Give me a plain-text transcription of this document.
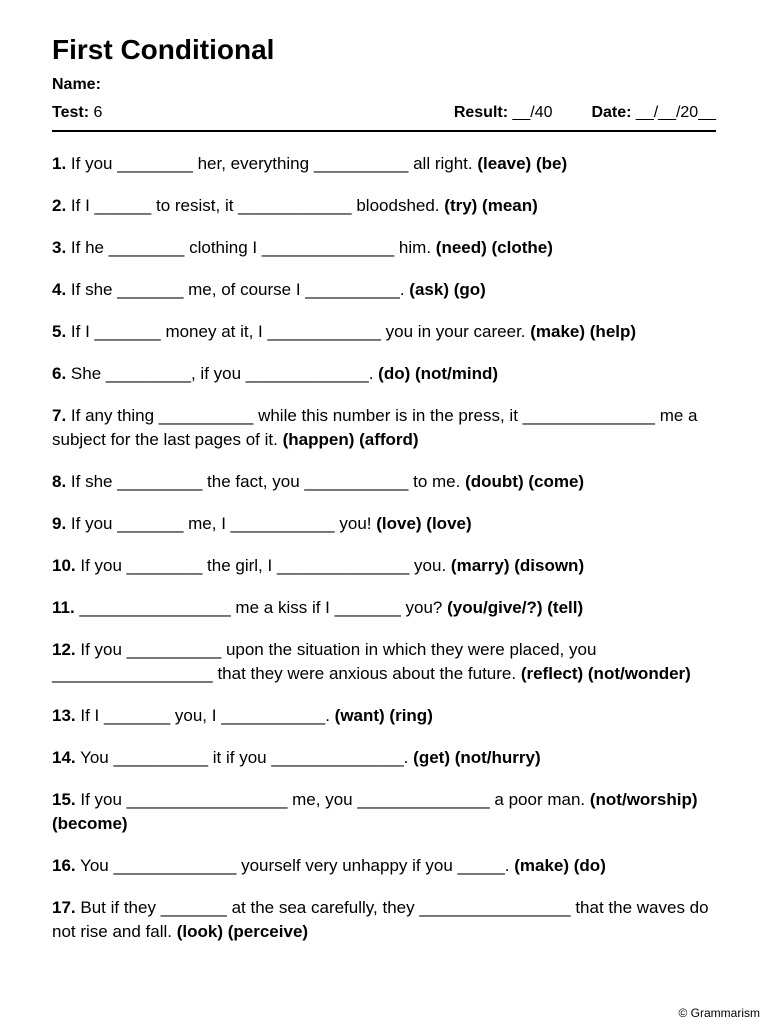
First Conditional
Name:
Test: 6	Result: __/40 Date: __/__/20__
1. If you ________ her, everything __________ all right. (leave) (be)
2. If I ______ to resist, it ____________ bloodshed. (try) (mean)
3. If he ________ clothing I ______________ him. (need) (clothe)
4. If she _______ me, of course I __________. (ask) (go)
5. If I _______ money at it, I ____________ you in your career. (make) (help)
6. She _________, if you _____________. (do) (not/mind)
7. If any thing __________ while this number is in the press, it ______________ me a subject for the last pages of it. (happen) (afford)
8. If she _________ the fact, you ___________ to me. (doubt) (come)
9. If you _______ me, I ___________ you! (love) (love)
10. If you ________ the girl, I ______________ you. (marry) (disown)
11. ________________ me a kiss if I _______ you? (you/give/?) (tell)
12. If you __________ upon the situation in which they were placed, you _________________ that they were anxious about the future. (reflect) (not/wonder)
13. If I _______ you, I ___________. (want) (ring)
14. You __________ it if you ______________. (get) (not/hurry)
15. If you _________________ me, you ______________ a poor man. (not/worship) (become)
16. You _____________ yourself very unhappy if you _____. (make) (do)
17. But if they _______ at the sea carefully, they ________________ that the waves do not rise and fall. (look) (perceive)
© Grammarism
